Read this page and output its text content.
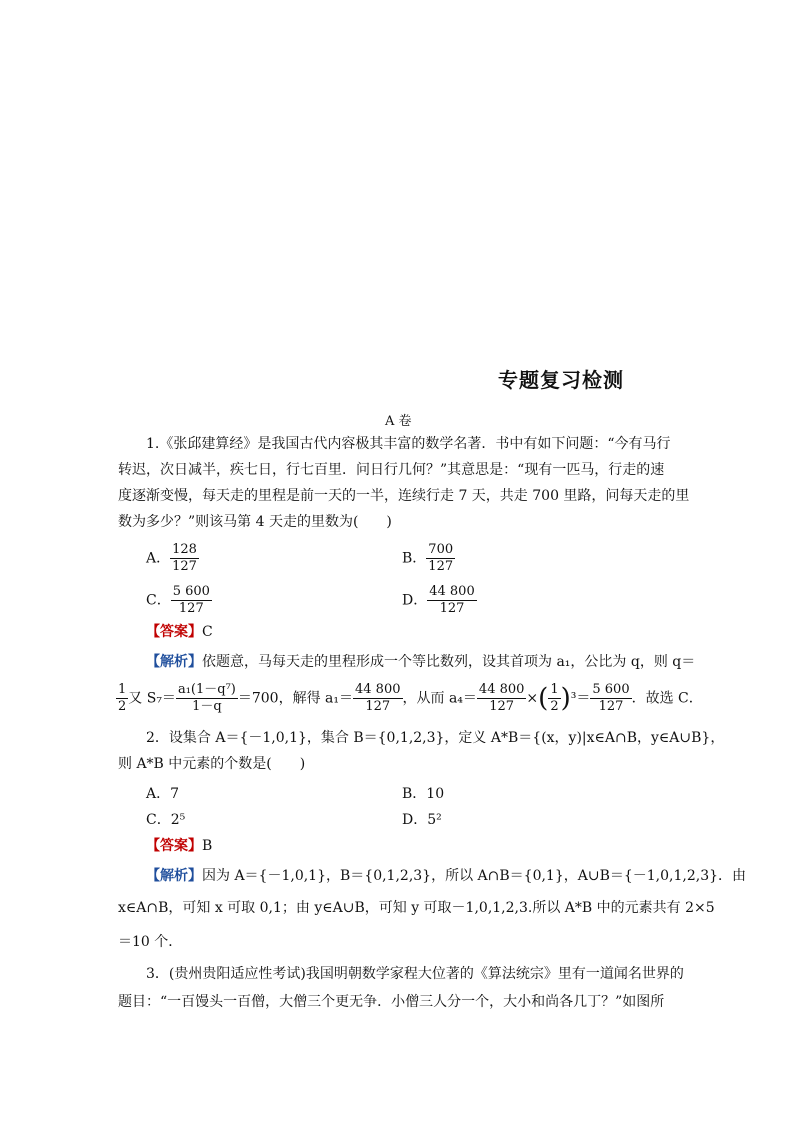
专题复习检测
A 卷
1.《张邱建算经》是我国古代内容极其丰富的数学名著．书中有如下问题：“今有马行
转迟，次日减半，疾七日，行七百里．问日行几何？”其意思是：“现有一匹马，行走的速
度逐渐变慢，每天走的里程是前一天的一半，连续行走 7 天，共走 700 里路，问每天走的里
数为多少？”则该马第 4 天走的里数为(　　)
A． $\frac{128}{127}$	B． $\frac{700}{127}$
C． $\frac{5 600}{127}$	D． $\frac{44 800}{127}$
【答案】C
【解析】依题意，马每天走的里程形成一个等比数列，设其首项为 a₁，公比为 q，则 q＝
$\frac{1}{2}$ 又 $S_7= \frac{\text{a₁(1－q⁷)}}{1-q} =700$，解得 $a_1= \frac{44 800}{127}$ ，从而 $a_4= \frac{44 800}{127}$ ×( $\frac{1}{2} )^3= \frac{5 600}{127}$ ．故选 C．
2．设集合 A＝{－1,0,1}，集合 B＝{0,1,2,3}，定义 A*B＝{(x，y)|x∈A∩B，y∈A∪B}，
则 A*B 中元素的个数是(　　)
A．7	B．10
C．2⁵	D．5²
【答案】B
【解析】因为 A＝{－1,0,1}，B＝{0,1,2,3}，所以 A∩B＝{0,1}，A∪B＝{－1,0,1,2,3}．由
x∈A∩B，可知 x 可取 0,1；由 y∈A∪B，可知 y 可取－1,0,1,2,3.所以 A*B 中的元素共有 2×5
＝10 个．
3．(贵州贵阳适应性考试)我国明朝数学家程大位著的《算法统宗》里有一道闻名世界的
题目：“一百馒头一百僧，大僧三个更无争．小僧三人分一个，大小和尚各几丁？”如图所
